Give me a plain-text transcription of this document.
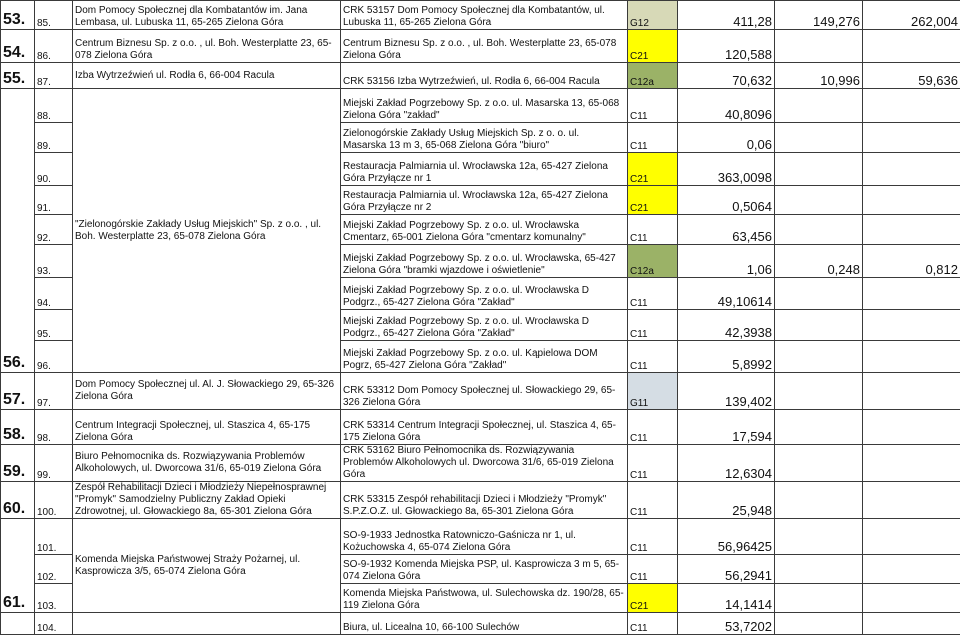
53.	85.	Dom Pomocy Społecznej dla Kombatantów im. Jana Lembasa, ul. Lubuska 11, 65-265 Zielona Góra	CRK 53157 Dom Pomocy Społecznej dla Kombatantów, ul. Lubuska 11, 65-265 Zielona Góra	G12	411,28	149,276	262,004
54.	86.	Centrum Biznesu Sp. z o.o. , ul. Boh. Westerplatte 23, 65-078 Zielona Góra	Centrum Biznesu Sp. z o.o. , ul. Boh. Westerplatte 23, 65-078 Zielona Góra	C21	120,588		
55.	87.	Izba Wytrzeźwień ul. Rodła 6, 66-004 Racula	CRK 53156 Izba Wytrzeźwień, ul. Rodła 6, 66-004 Racula	C12a	70,632	10,996	59,636
56.	88.	"Zielonogórskie Zakłady Usług Miejskich" Sp. z o.o. , ul. Boh. Westerplatte 23, 65-078 Zielona Góra	Miejski Zakład Pogrzebowy Sp. z o.o. ul. Masarska 13, 65-068 Zielona Góra "zakład"	C11	40,8096		
	89.		Zielonogórskie Zakłady Usług Miejskich Sp. z o. o. ul. Masarska 13 m 3, 65-068 Zielona Góra "biuro"	C11	0,06		
	90.		Restauracja Palmiarnia ul. Wrocławska 12a, 65-427 Zielona Góra Przyłącze nr 1	C21	363,0098		
	91.		Restauracja Palmiarnia ul. Wrocławska 12a, 65-427 Zielona Góra Przyłącze nr 2	C21	0,5064		
	92.		Miejski Zakład Pogrzebowy Sp. z o.o. ul. Wrocławska Cmentarz, 65-001 Zielona Góra "cmentarz komunalny"	C11	63,456		
	93.		Miejski Zakład Pogrzebowy Sp. z o.o. ul. Wrocławska, 65-427 Zielona Góra "bramki wjazdowe i oświetlenie"	C12a	1,06	0,248	0,812
	94.		Miejski Zakład Pogrzebowy Sp. z o.o. ul. Wrocławska D Podgrz., 65-427 Zielona Góra "Zakład"	C11	49,10614		
	95.		Miejski Zakład Pogrzebowy Sp. z o.o. ul. Wrocławska D Podgrz., 65-427 Zielona Góra "Zakład"	C11	42,3938		
	96.		Miejski Zakład Pogrzebowy Sp. z o.o. ul. Kąpielowa DOM Pogrz, 65-427 Zielona Góra "Zakład"	C11	5,8992		
57.	97.	Dom Pomocy Społecznej ul. Al. J. Słowackiego 29, 65-326 Zielona Góra	CRK 53312 Dom Pomocy Społecznej ul. Słowackiego 29, 65-326 Zielona Góra	G11	139,402		
58.	98.	Centrum Integracji Społecznej, ul. Staszica 4, 65-175 Zielona Góra	CRK 53314 Centrum Integracji Społecznej, ul. Staszica 4, 65-175 Zielona Góra	C11	17,594		
59.	99.	Biuro Pełnomocnika ds. Rozwiązywania Problemów Alkoholowych, ul. Dworcowa 31/6, 65-019 Zielona Góra	CRK 53162 Biuro Pełnomocnika ds. Rozwiązywania Problemów Alkoholowych ul. Dworcowa 31/6, 65-019 Zielona Góra	C11	12,6304		
60.	100.	Zespół Rehabilitacji Dzieci i Młodzieży Niepełnosprawnej "Promyk" Samodzielny Publiczny Zakład Opieki Zdrowotnej, ul. Głowackiego 8a, 65-301 Zielona Góra	CRK 53315 Zespół rehabilitacji Dzieci i Młodzieży "Promyk" S.P.Z.O.Z. ul. Głowackiego 8a, 65-301 Zielona Góra	C11	25,948		
61.	101.	Komenda Miejska Państwowej Straży Pożarnej, ul. Kasprowicza 3/5, 65-074 Zielona Góra	SO-9-1933 Jednostka Ratowniczo-Gaśnicza nr 1, ul. Kożuchowska 4, 65-074 Zielona Góra	C11	56,96425		
	102.		SO-9-1932 Komenda Miejska PSP, ul. Kasprowicza 3 m 5, 65-074 Zielona Góra	C11	56,2941		
	103.		Komenda Miejska Państwowa, ul. Sulechowska dz. 190/28, 65-119 Zielona Góra	C21	14,1414		
	104.		Biura, ul. Licealna 10, 66-100 Sulechów	C11	53,7202		
